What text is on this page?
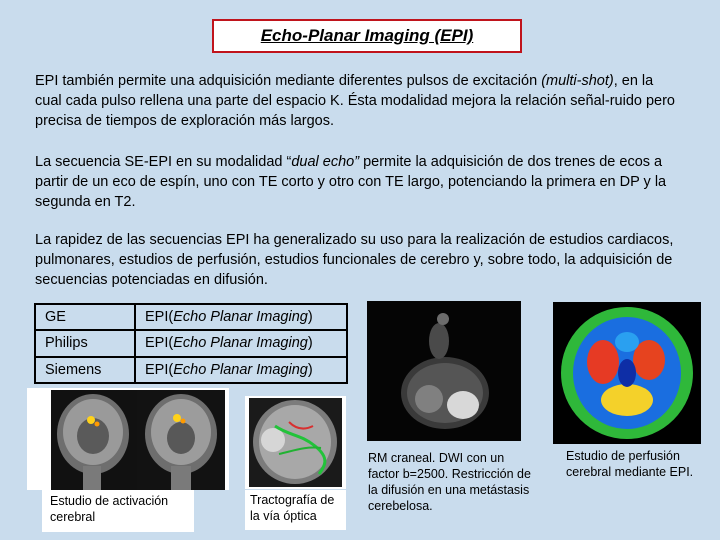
Echo-Planar Imaging (EPI)

EPI también permite una adquisición mediante diferentes pulsos de excitación (multi-shot), en la cual cada pulso rellena una parte del espacio K. Ésta modalidad mejora la relación señal-ruido pero precisa de tiempos de exploración más largos.

La secuencia SE-EPI en su modalidad “dual echo” permite la adquisición de dos trenes de ecos a partir de un eco de espín, uno con TE corto y otro con TE largo, potenciando la primera en DP y la segunda en T2.

La rapidez de las secuencias EPI ha generalizado su uso para la realización de estudios cardiacos, pulmonares, estudios de perfusión, estudios funcionales de cerebro y, sobre todo, la adquisición de secuencias potenciadas en difusión.

GE	EPI ( Echo Planar Imaging )
Philips	EPI ( Echo Planar Imaging )
Siemens	EPI ( Echo Planar Imaging )

Estudio de activación cerebral

Tractografía de la vía óptica

RM craneal. DWI con un factor b=2500. Restricción de la difusión en una metástasis cerebelosa.

Estudio de perfusión cerebral mediante EPI.
